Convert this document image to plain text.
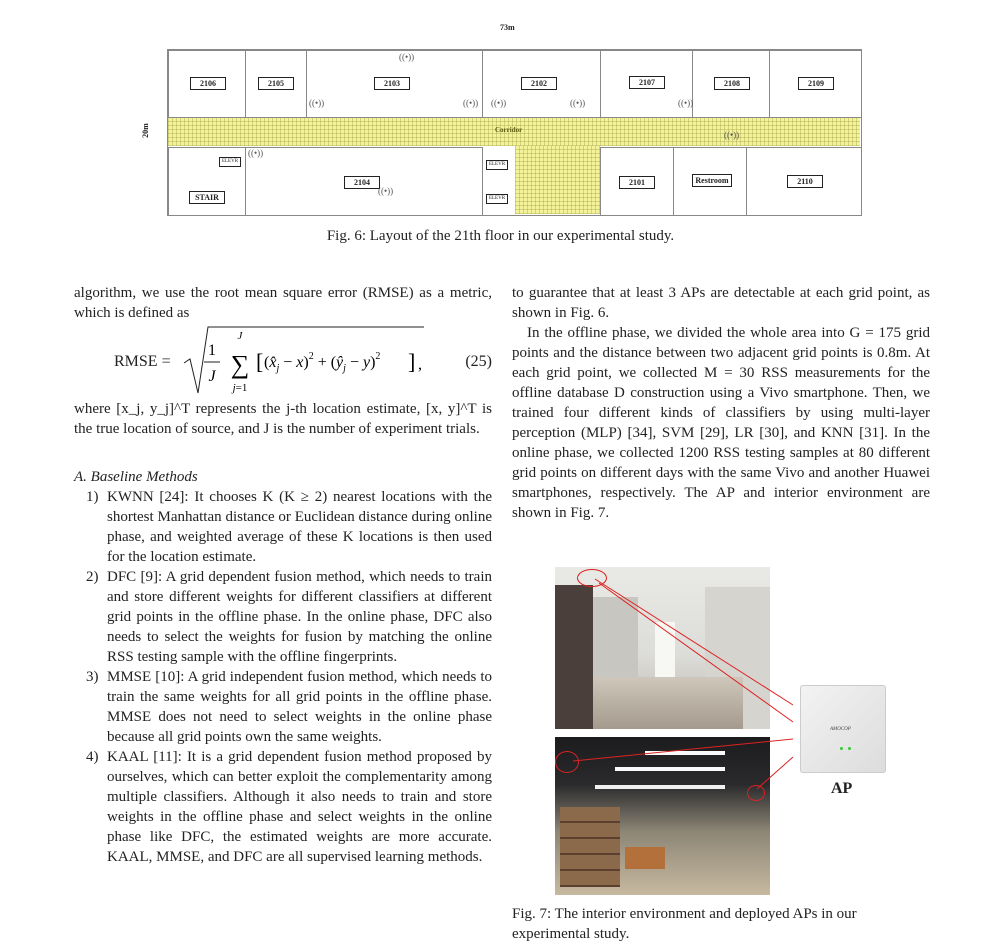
73m
20m	Corridor
2106	2105	2103	2102	2107	2108	2109
STAIR
ELEVR
2104
ELEVR
ELEVR
2101	Restroom	2110
((•))
((•))	((•)) ((•))	((•))	((•))
((•))
((•))
((•))
Fig. 6: Layout of the 21th floor in our experimental study.
algorithm, we use the root mean square error (RMSE) as a metric, which is defined as
RMSE =
1
J
J
∑
j=1
[ $(x̂_j - x)^2$ + $(ŷ_j - y)^2$ ] ,	(25)
where [x_j, y_j]^T represents the j-th location estimate, [x, y]^T is the true location of source, and J is the number of experiment trials.
A. Baseline Methods
1) KWNN [24]: It chooses K (K ≥ 2) nearest locations with the shortest Manhattan distance or Euclidean distance during online phase, and weighted average of these K locations is then used for the location estimate.
2) DFC [9]: A grid dependent fusion method, which needs to train and store different weights for different classifiers at different grid points in the offline phase. In the online phase, DFC also needs to select the weights for fusion by matching the online RSS testing sample with the offline fingerprints.
3) MMSE [10]: A grid independent fusion method, which needs to train the same weights for all grid points in the offline phase. MMSE does not need to select weights in the online phase because all grid points own the same weights.
4) KAAL [11]: It is a grid dependent fusion method proposed by ourselves, which can better exploit the complementarity among multiple classifiers. Although it also needs to train and store weights in the offline phase and select weights in the online phase like DFC, the estimated weights are more accurate. KAAL, MMSE, and DFC are all supervised learning methods.
to guarantee that at least 3 APs are detectable at each grid point, as shown in Fig. 6.
In the offline phase, we divided the whole area into G = 175 grid points and the distance between two adjacent grid points is 0.8m. At each grid point, we collected M = 30 RSS measurements for the offline database D construction using a Vivo smartphone. Then, we trained four different kinds of classifiers by using multi-layer perception (MLP) [34], SVM [29], LR [30], and KNN [31]. In the online phase, we collected 1200 RSS testing samples at 80 different grid points on different days with the same Vivo and another Huawei smartphones, respectively. The AP and interior environment are shown in Fig. 7.
AMOCOP
AP
Fig. 7: The interior environment and deployed APs in our experimental study.
